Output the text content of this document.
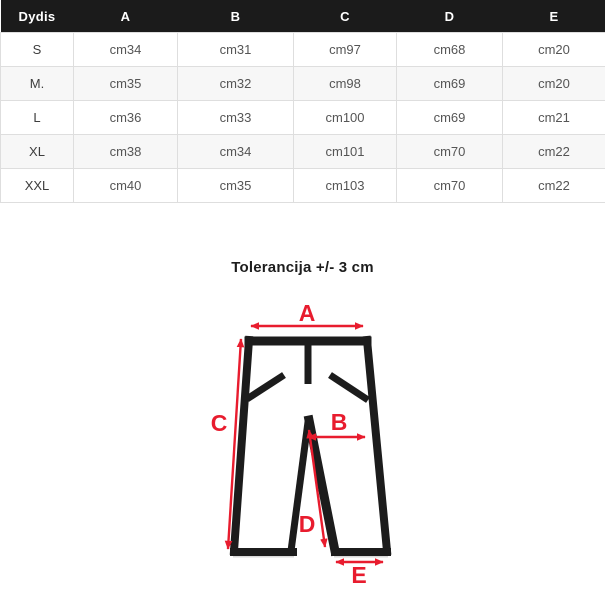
Dydis	A	B	C	D	E
S	cm34	cm31	cm97	cm68	cm20
M.	cm35	cm32	cm98	cm69	cm20
L	cm36	cm33	cm100	cm69	cm21
XL	cm38	cm34	cm101	cm70	cm22
XXL	cm40	cm35	cm103	cm70	cm22
Tolerancija +/- 3 cm
A
B
C
D
E
